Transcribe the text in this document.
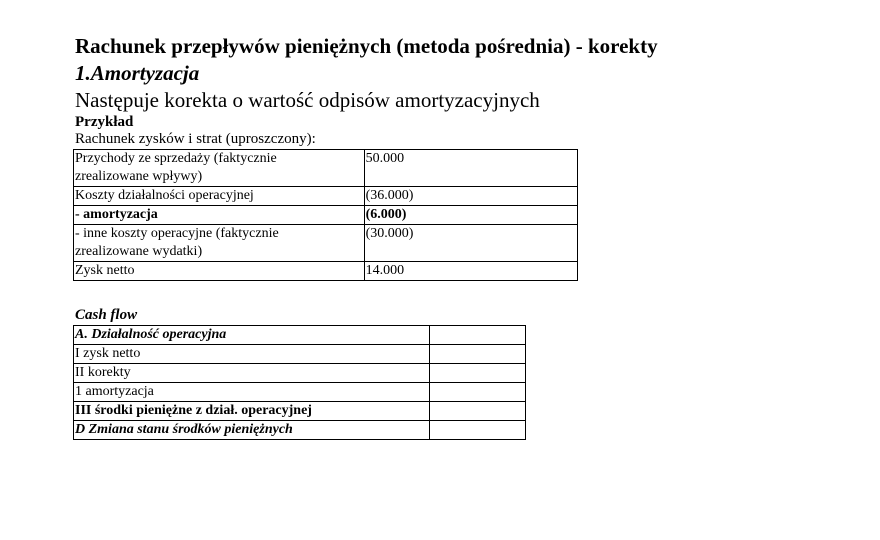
Rachunek przepływów pieniężnych (metoda pośrednia) - korekty
1.Amortyzacja
Następuje korekta o wartość odpisów amortyzacyjnych
Przykład
Rachunek zysków i strat (uproszczony):
Przychody ze sprzedaży (faktycznie
zrealizowane wpływy)	50.000
Koszty działalności operacyjnej	(36.000)
- amortyzacja	(6.000)

- inne koszty operacyjne (faktycznie
zrealizowane wydatki)	(30.000)
Zysk netto	14.000
Cash flow
A. Działalność operacyjna	
I zysk netto	
II korekty	
1 amortyzacja	
III środki pieniężne z dział. operacyjnej	
D Zmiana stanu środków pieniężnych	
